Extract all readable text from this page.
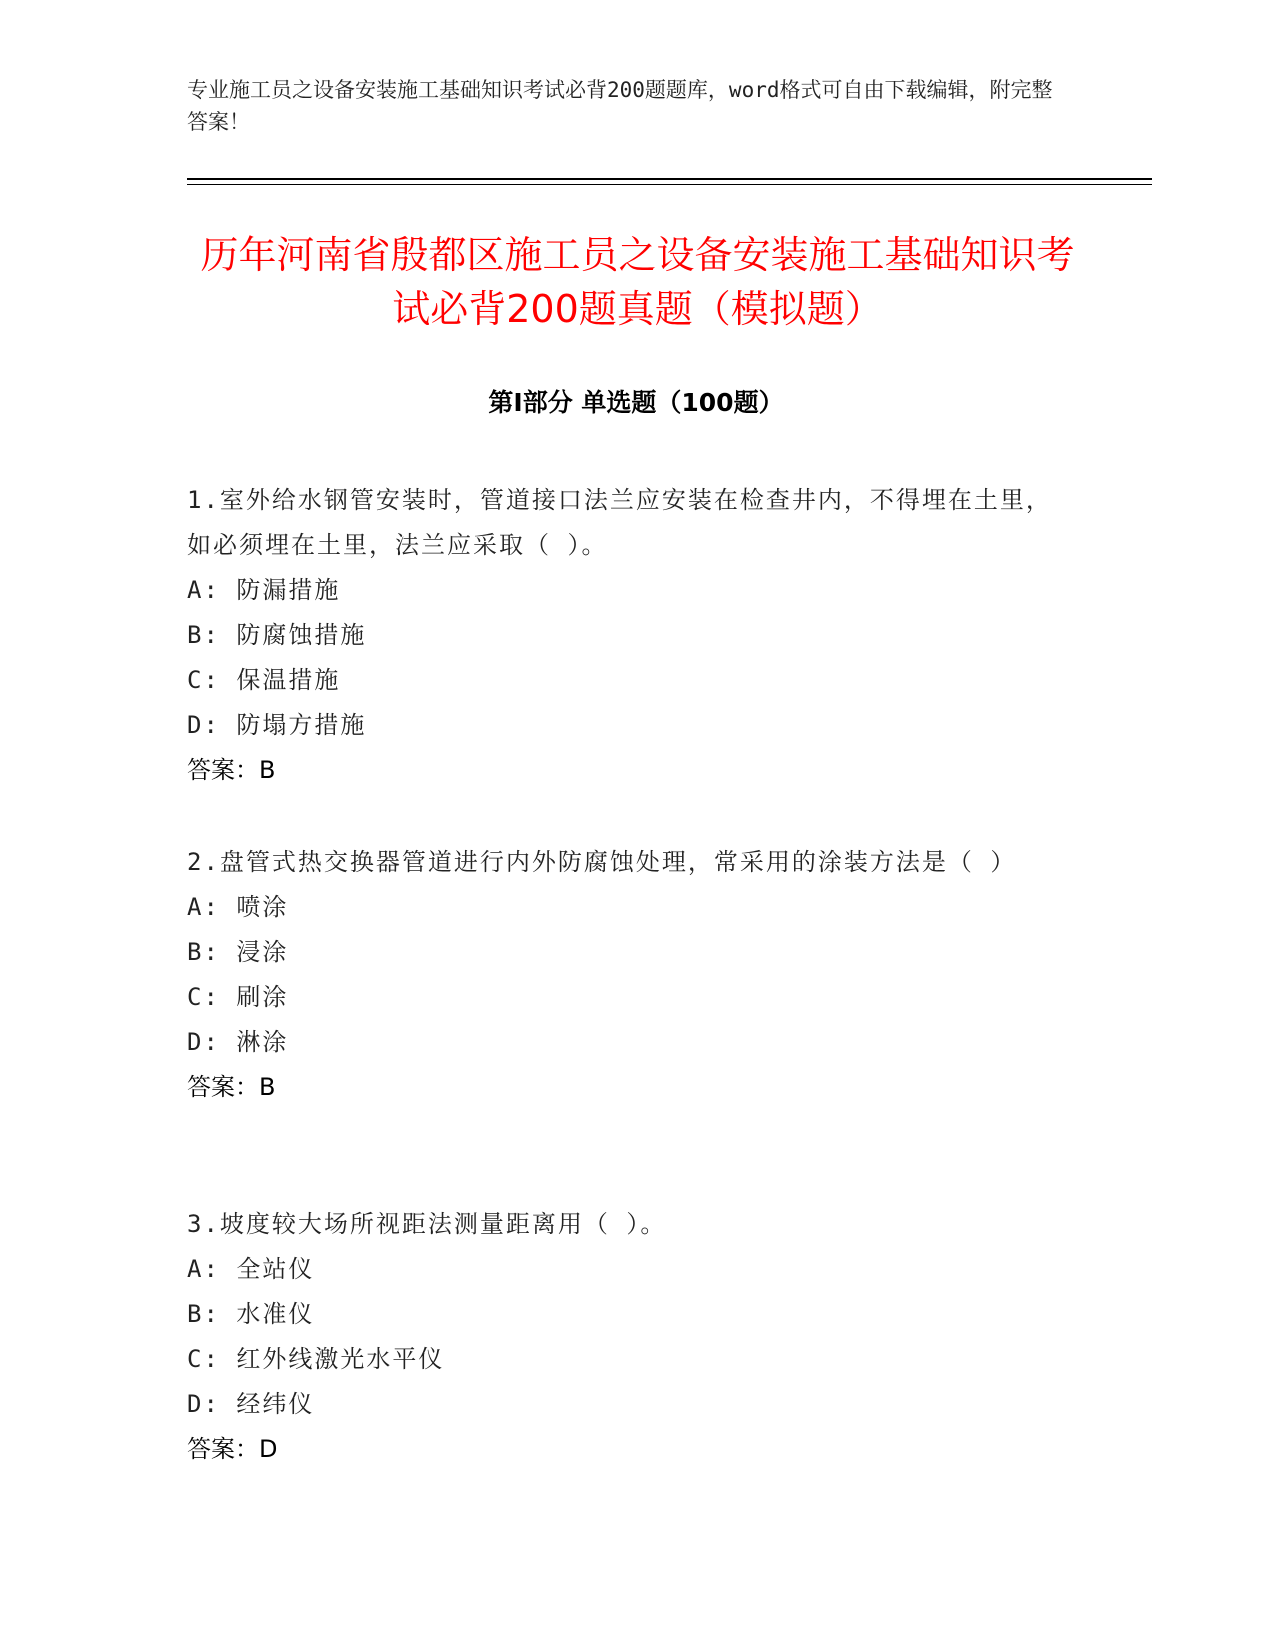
专业施工员之设备安装施工基础知识考试必背200题题库，word格式可自由下载编辑，附完整答案！
历年河南省殷都区施工员之设备安装施工基础知识考试必背200题真题（模拟题）
第Ⅰ部分 单选题（100题）

1.室外给水钢管安装时，管道接口法兰应安装在检查井内，不得埋在土里，如必须埋在土里，法兰应采取（ ）。

A: 防漏措施

B: 防腐蚀措施

C: 保温措施

D: 防塌方措施

答案：B

2.盘管式热交换器管道进行内外防腐蚀处理，常采用的涂装方法是（ ）

A: 喷涂

B: 浸涂

C: 刷涂

D: 淋涂

答案：B

3.坡度较大场所视距法测量距离用（ ）。

A: 全站仪

B: 水准仪

C: 红外线激光水平仪

D: 经纬仪

答案：D
